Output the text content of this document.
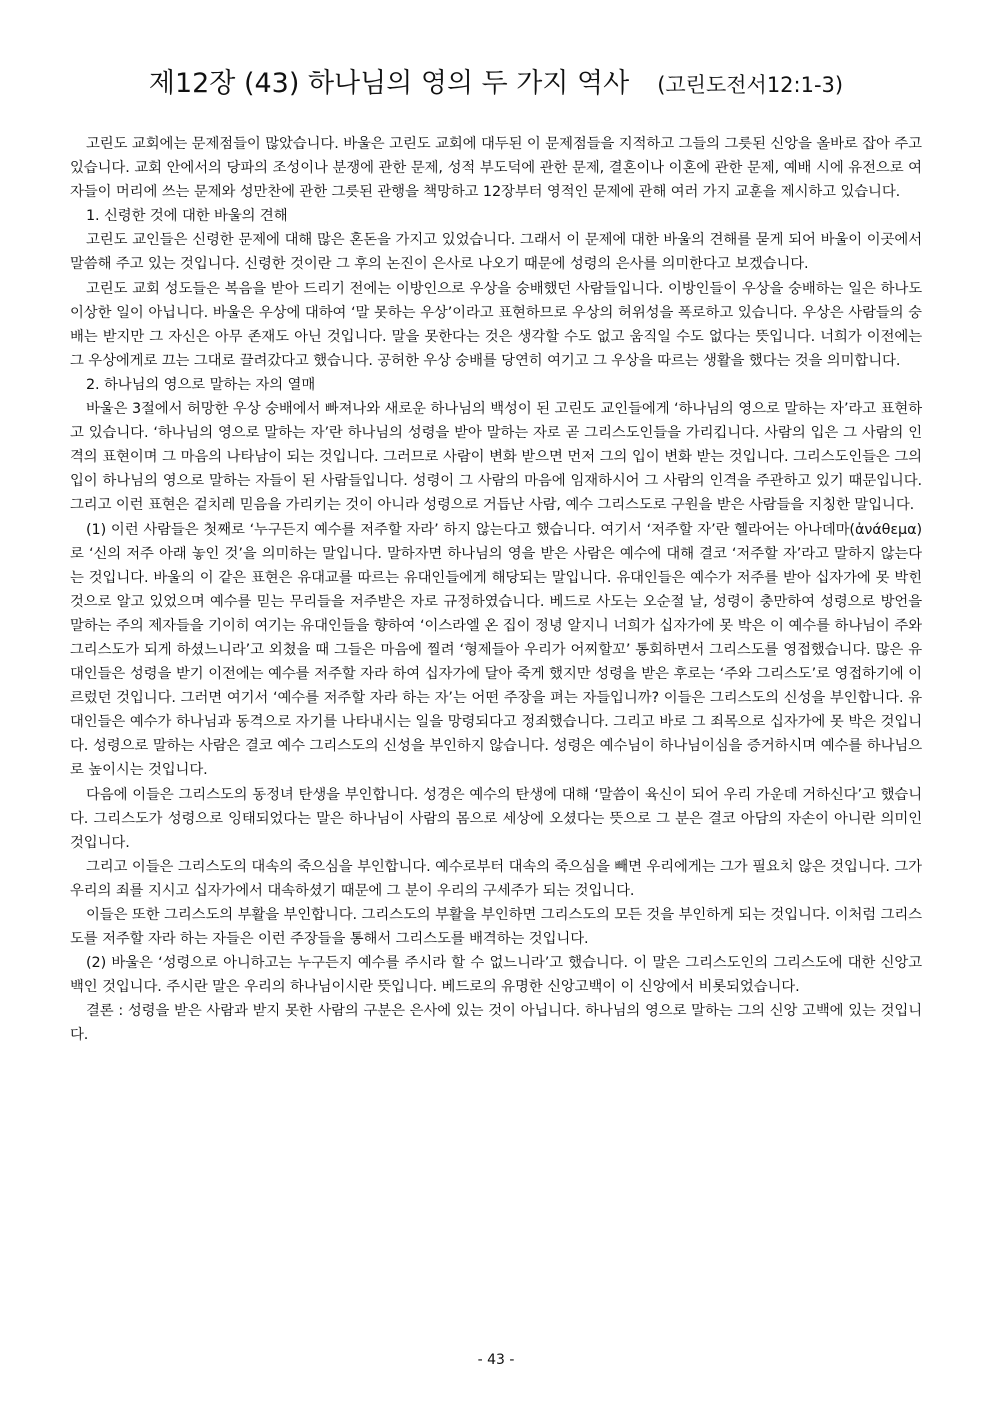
제12장 (43) 하나님의 영의 두 가지 역사 (고린도전서12:1-3)

고린도 교회에는 문제점들이 많았습니다. 바울은 고린도 교회에 대두된 이 문제점들을 지적하고 그들의 그릇된 신앙을 올바로 잡아 주고 있습니다. 교회 안에서의 당파의 조성이나 분쟁에 관한 문제, 성적 부도덕에 관한 문제, 결혼이나 이혼에 관한 문제, 예배 시에 유전으로 여자들이 머리에 쓰는 문제와 성만찬에 관한 그릇된 관행을 책망하고 12장부터 영적인 문제에 관해 여러 가지 교훈을 제시하고 있습니다.

1. 신령한 것에 대한 바울의 견해

고린도 교인들은 신령한 문제에 대해 많은 혼돈을 가지고 있었습니다. 그래서 이 문제에 대한 바울의 견해를 묻게 되어 바울이 이곳에서 말씀해 주고 있는 것입니다. 신령한 것이란 그 후의 논진이 은사로 나오기 때문에 성령의 은사를 의미한다고 보겠습니다.

고린도 교회 성도들은 복음을 받아 드리기 전에는 이방인으로 우상을 숭배했던 사람들입니다. 이방인들이 우상을 숭배하는 일은 하나도 이상한 일이 아닙니다. 바울은 우상에 대하여 ‘말 못하는 우상’이라고 표현하므로 우상의 허위성을 폭로하고 있습니다. 우상은 사람들의 숭배는 받지만 그 자신은 아무 존재도 아닌 것입니다. 말을 못한다는 것은 생각할 수도 없고 움직일 수도 없다는 뜻입니다. 너희가 이전에는 그 우상에게로 끄는 그대로 끌려갔다고 했습니다. 공허한 우상 숭배를 당연히 여기고 그 우상을 따르는 생활을 했다는 것을 의미합니다.

2. 하나님의 영으로 말하는 자의 열매

바울은 3절에서 허망한 우상 숭배에서 빠져나와 새로운 하나님의 백성이 된 고린도 교인들에게 ‘하나님의 영으로 말하는 자’라고 표현하고 있습니다. ‘하나님의 영으로 말하는 자’란 하나님의 성령을 받아 말하는 자로 곧 그리스도인들을 가리킵니다. 사람의 입은 그 사람의 인격의 표현이며 그 마음의 나타남이 되는 것입니다. 그러므로 사람이 변화 받으면 먼저 그의 입이 변화 받는 것입니다. 그리스도인들은 그의 입이 하나님의 영으로 말하는 자들이 된 사람들입니다. 성령이 그 사람의 마음에 임재하시어 그 사람의 인격을 주관하고 있기 때문입니다. 그리고 이런 표현은 겉치레 믿음을 가리키는 것이 아니라 성령으로 거듭난 사람, 예수 그리스도로 구원을 받은 사람들을 지칭한 말입니다.

(1) 이런 사람들은 첫째로 ‘누구든지 예수를 저주할 자라’ 하지 않는다고 했습니다. 여기서 ‘저주할 자’란 헬라어는 아나데마(ἀνάθεμα)로 ‘신의 저주 아래 놓인 것’을 의미하는 말입니다. 말하자면 하나님의 영을 받은 사람은 예수에 대해 결코 ‘저주할 자’라고 말하지 않는다는 것입니다. 바울의 이 같은 표현은 유대교를 따르는 유대인들에게 해당되는 말입니다. 유대인들은 예수가 저주를 받아 십자가에 못 박힌 것으로 알고 있었으며 예수를 믿는 무리들을 저주받은 자로 규정하였습니다. 베드로 사도는 오순절 날, 성령이 충만하여 성령으로 방언을 말하는 주의 제자들을 기이히 여기는 유대인들을 향하여 ‘이스라엘 온 집이 정녕 알지니 너희가 십자가에 못 박은 이 예수를 하나님이 주와 그리스도가 되게 하셨느니라’고 외쳤을 때 그들은 마음에 찔려 ‘형제들아 우리가 어찌할꼬’ 통회하면서 그리스도를 영접했습니다. 많은 유대인들은 성령을 받기 이전에는 예수를 저주할 자라 하여 십자가에 달아 죽게 했지만 성령을 받은 후로는 ‘주와 그리스도’로 영접하기에 이르렀던 것입니다. 그러면 여기서 ‘예수를 저주할 자라 하는 자’는 어떤 주장을 펴는 자들입니까? 이들은 그리스도의 신성을 부인합니다. 유대인들은 예수가 하나님과 동격으로 자기를 나타내시는 일을 망령되다고 정죄했습니다. 그리고 바로 그 죄목으로 십자가에 못 박은 것입니다. 성령으로 말하는 사람은 결코 예수 그리스도의 신성을 부인하지 않습니다. 성령은 예수님이 하나님이심을 증거하시며 예수를 하나님으로 높이시는 것입니다.

다음에 이들은 그리스도의 동정녀 탄생을 부인합니다. 성경은 예수의 탄생에 대해 ‘말씀이 육신이 되어 우리 가운데 거하신다’고 했습니다. 그리스도가 성령으로 잉태되었다는 말은 하나님이 사람의 몸으로 세상에 오셨다는 뜻으로 그 분은 결코 아담의 자손이 아니란 의미인 것입니다.

그리고 이들은 그리스도의 대속의 죽으심을 부인합니다. 예수로부터 대속의 죽으심을 빼면 우리에게는 그가 필요치 않은 것입니다. 그가 우리의 죄를 지시고 십자가에서 대속하셨기 때문에 그 분이 우리의 구세주가 되는 것입니다.

이들은 또한 그리스도의 부활을 부인합니다. 그리스도의 부활을 부인하면 그리스도의 모든 것을 부인하게 되는 것입니다. 이처럼 그리스도를 저주할 자라 하는 자들은 이런 주장들을 통해서 그리스도를 배격하는 것입니다.

(2) 바울은 ‘성령으로 아니하고는 누구든지 예수를 주시라 할 수 없느니라’고 했습니다. 이 말은 그리스도인의 그리스도에 대한 신앙고백인 것입니다. 주시란 말은 우리의 하나님이시란 뜻입니다. 베드로의 유명한 신앙고백이 이 신앙에서 비롯되었습니다.

결론 : 성령을 받은 사람과 받지 못한 사람의 구분은 은사에 있는 것이 아닙니다. 하나님의 영으로 말하는 그의 신앙 고백에 있는 것입니다.

- 43 -
